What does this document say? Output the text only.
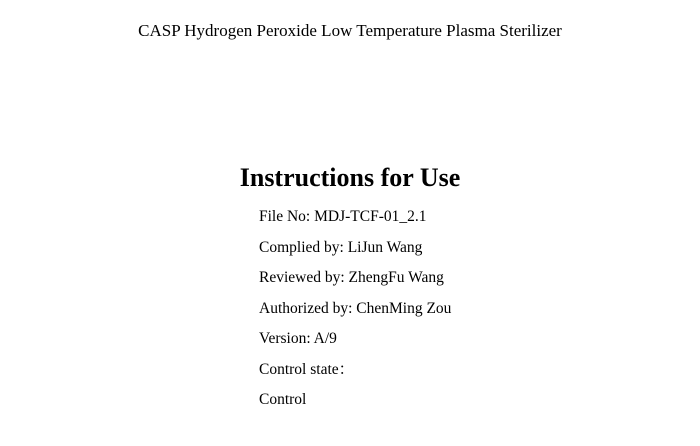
CASP Hydrogen Peroxide Low Temperature Plasma Sterilizer
Instructions for Use
File No: MDJ-TCF-01_2.1
Complied by: LiJun Wang
Reviewed by: ZhengFu Wang
Authorized by: ChenMing Zou
Version: A/9
Control state：
Control
